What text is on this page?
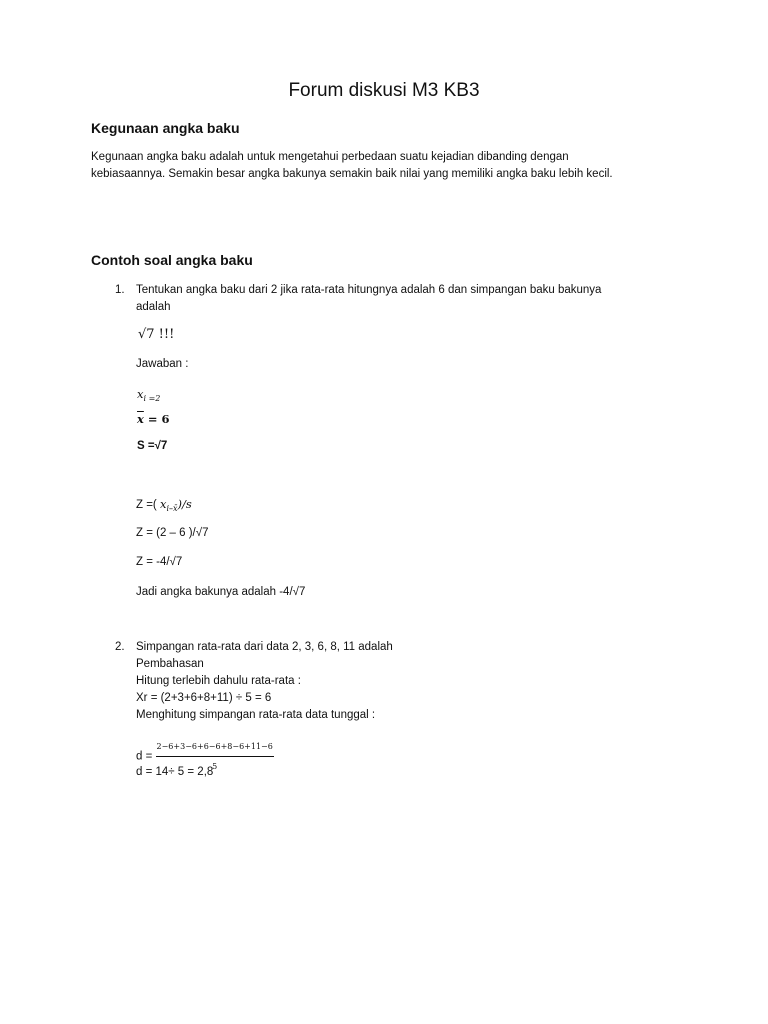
Forum diskusi M3 KB3
Kegunaan angka baku
Kegunaan angka baku adalah untuk mengetahui perbedaan suatu kejadian dibanding dengan
kebiasaannya. Semakin besar angka bakunya semakin baik nilai yang memiliki angka baku lebih kecil.
Contoh soal angka baku
1. Tentukan angka baku dari 2 jika rata-rata hitungnya adalah 6 dan simpangan baku bakunya
adalah
√7 !!!
Jawaban :
$x_{i =2}$
$\overline{x} = 6$
S =√7
Z =( $x_{i-x̄})/s$
Z = (2 – 6 )/√7
Z = -4/√7
Jadi angka bakunya adalah -4/√7
2. Simpangan rata-rata dari data 2, 3, 6, 8, 11 adalah
Pembahasan
Hitung terlebih dahulu rata-rata :
Xr = (2+3+6+8+11) ÷ 5 = 6
Menghitung simpangan rata-rata data tunggal :
$d = \frac{2-6+3-6+6-6+8-6+11-6}{5}$
d = 14÷ 5 = 2,8
